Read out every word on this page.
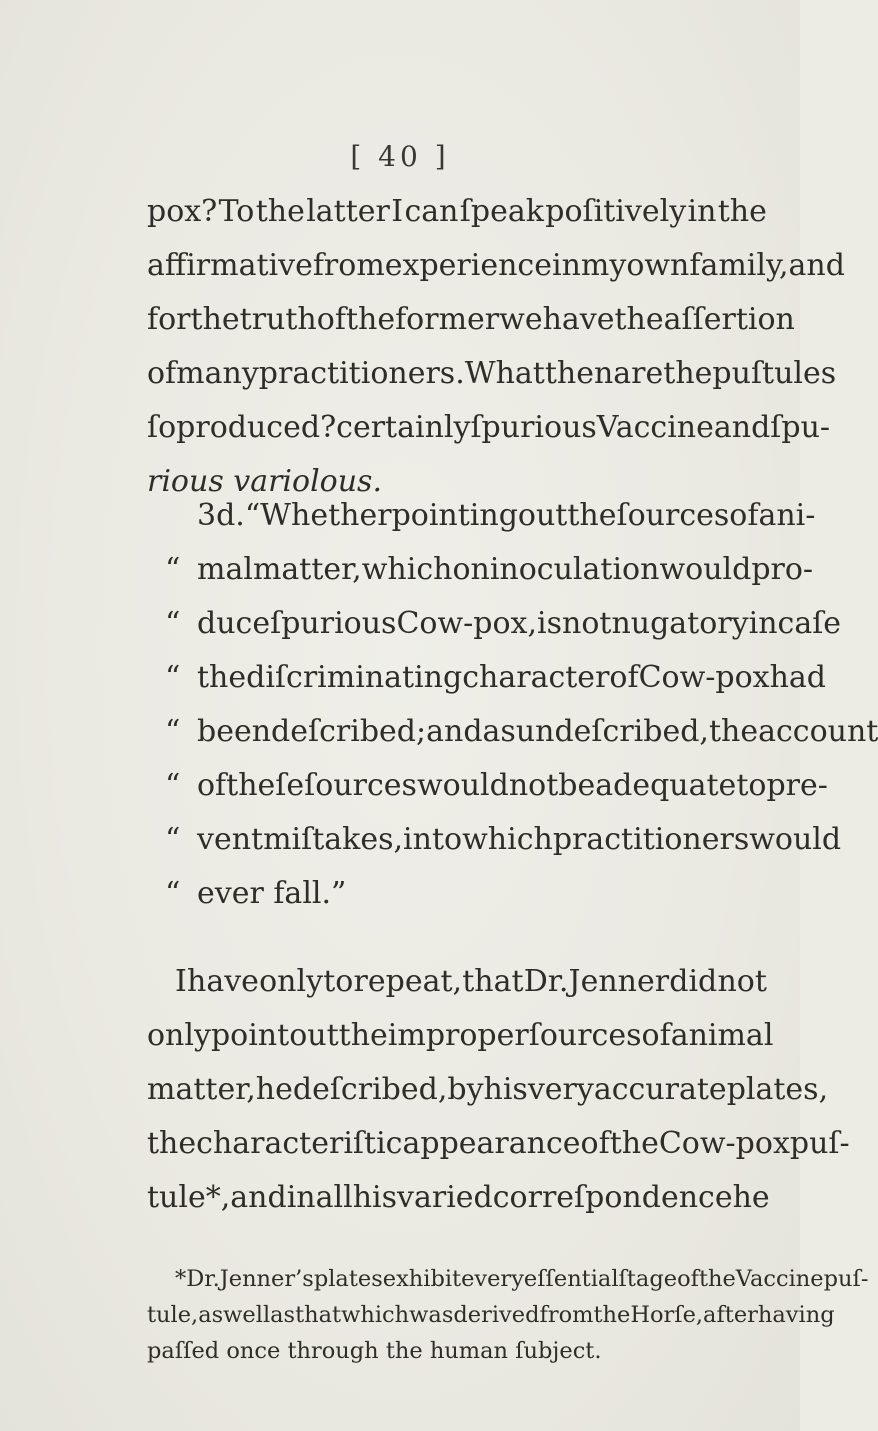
[ 40 ]
pox? To the latter I can ſpeak poſitively in the
affirmative from experience in my own family, and
for the truth of the former we have the aſſertion
of many practitioners. What then are the puſtules
ſo produced? certainly ſpurious Vaccine and ſpu-
rious variolous.
3d. “ Whether pointing out the ſources of ani-
“ mal matter, which on inoculation would pro-
“ duce ſpurious Cow-pox, is not nugatory in caſe
“ the diſcriminating character of Cow-pox had
“ been deſcribed ; and as undeſcribed, the account
“ of theſe ſources would not be adequate to pre-
“ vent miſtakes, into which practitioners would
“ ever fall.”
I have only to repeat, that Dr. Jenner did not
only point out the improper ſources of animal
matter, he deſcribed, by his very accurate plates,
the characteriſtic appearance of the Cow-pox puſ-
tule *, and in all his varied correſpondence he
* Dr. Jenner’s plates exhibit every eſſential ſtage of the Vaccine puſ-
tule, as well as that which was derived from the Horſe, after having
paſſed once through the human ſubject.
